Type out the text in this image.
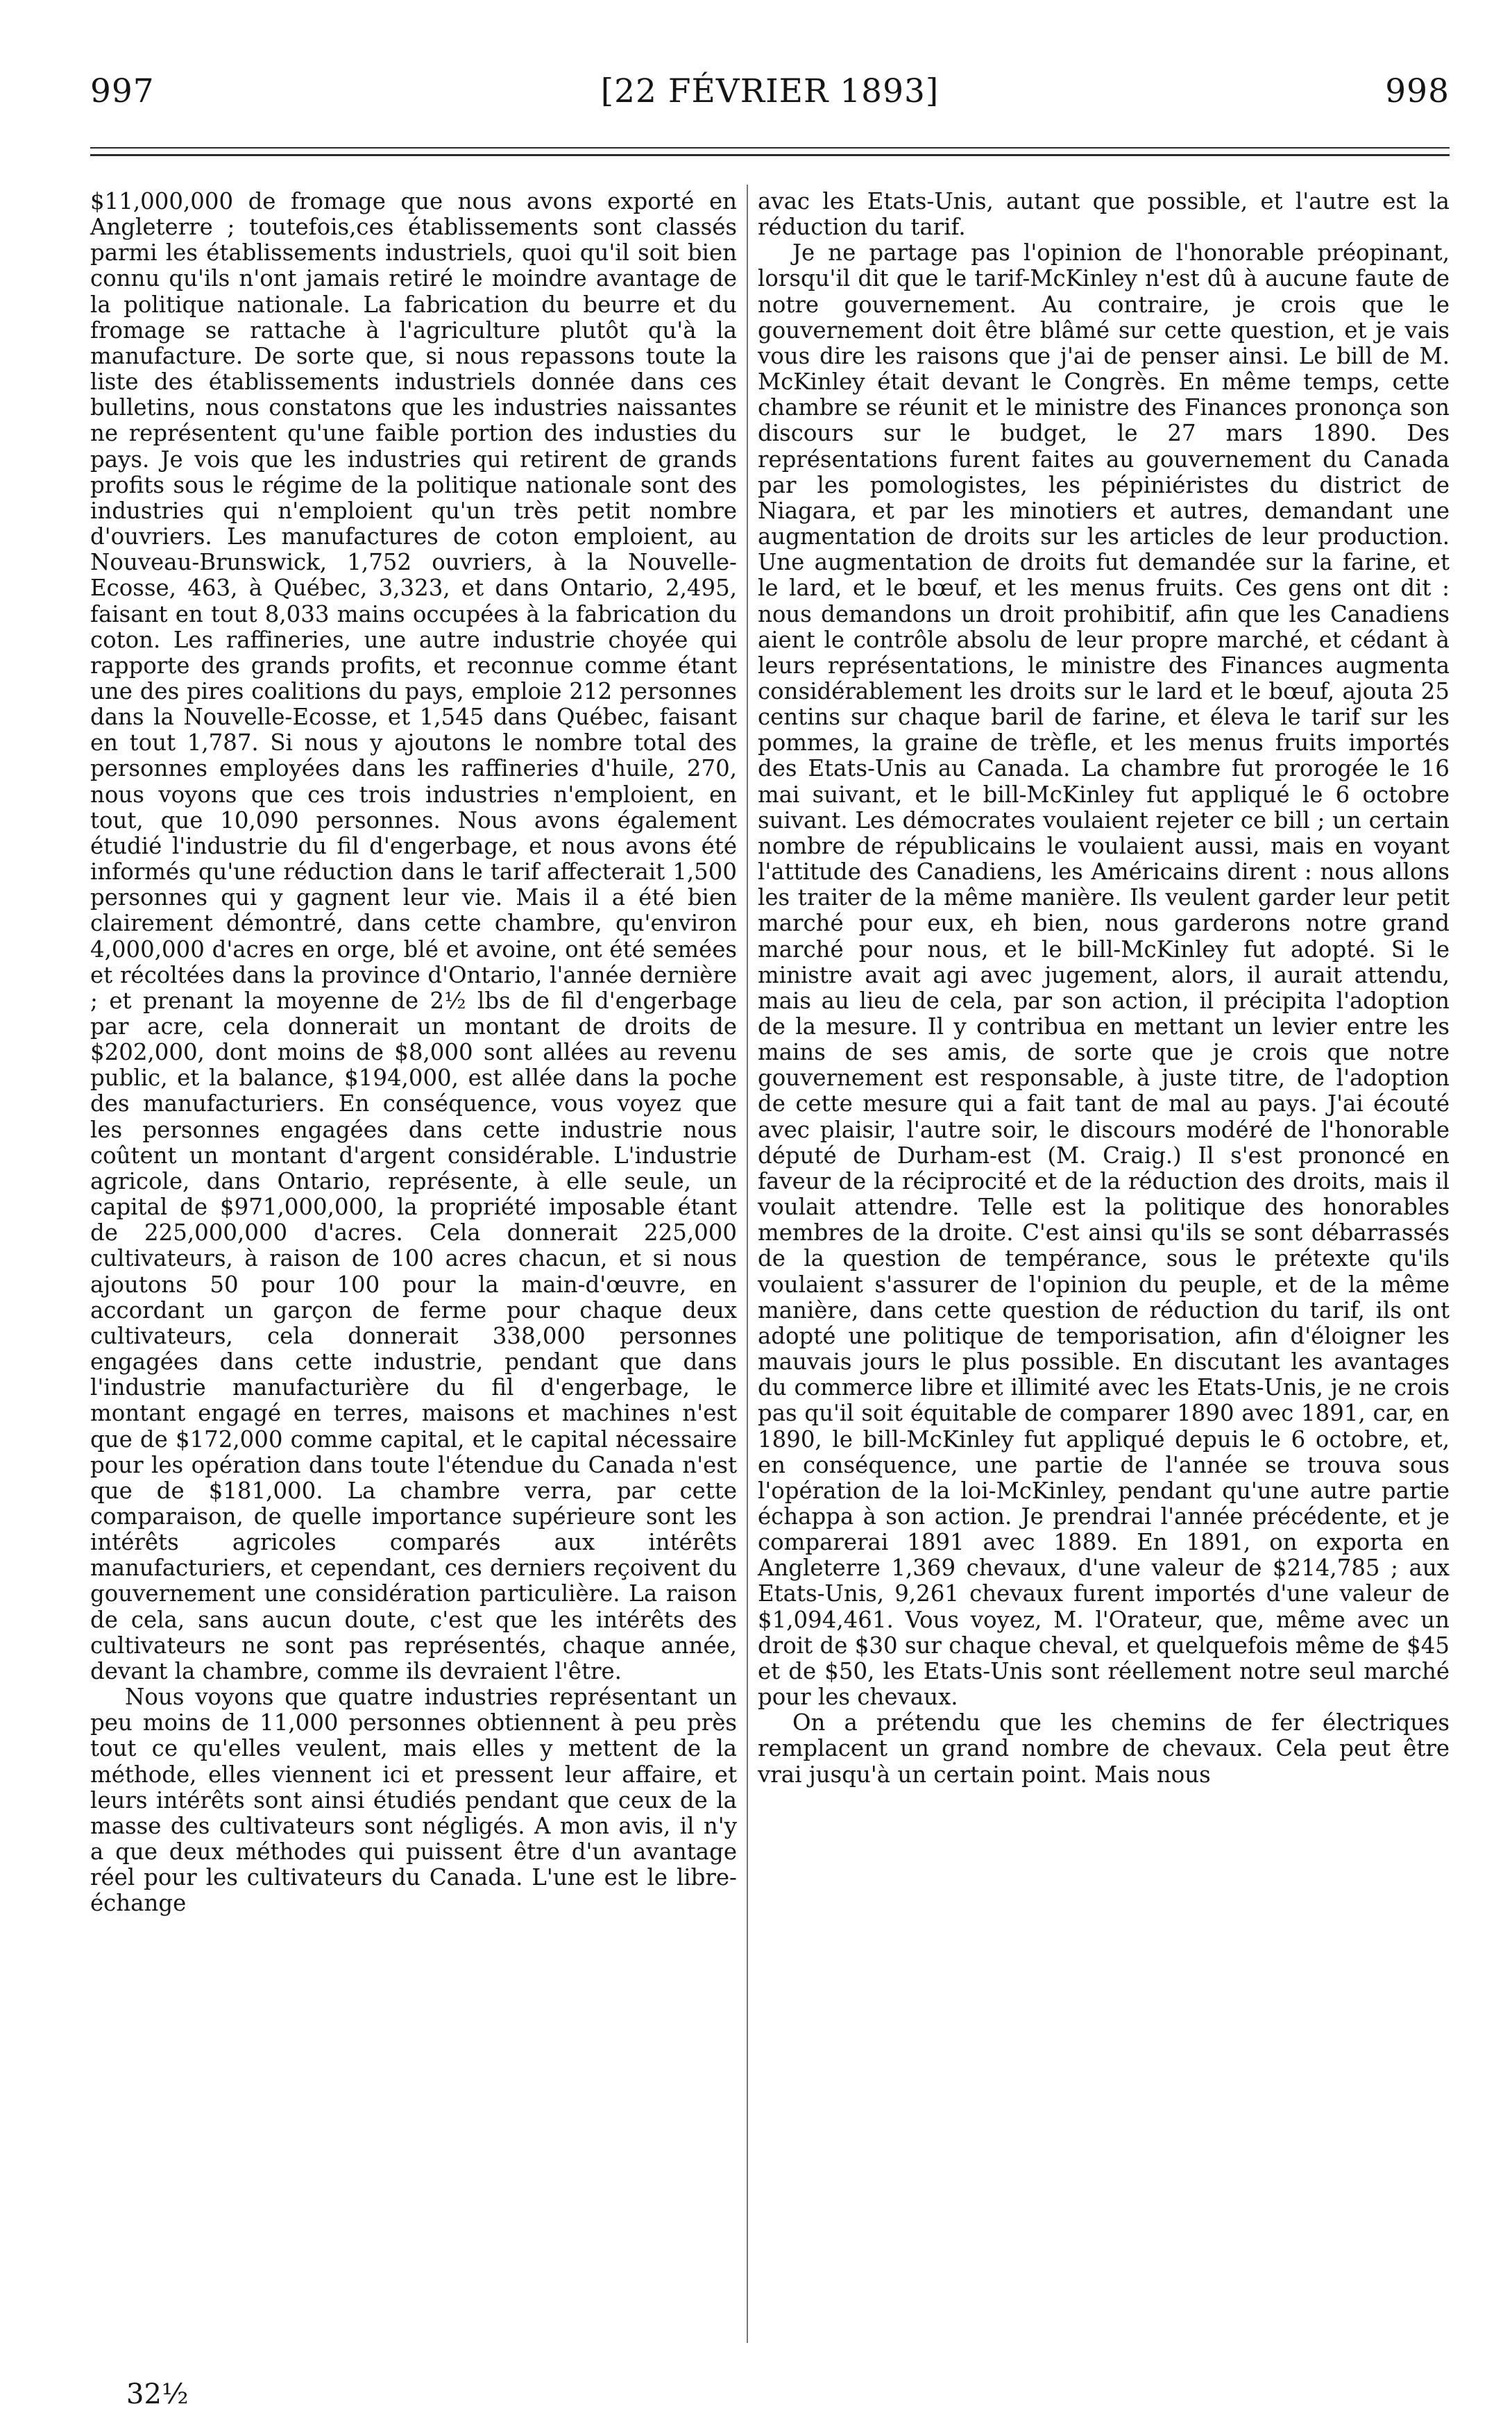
997	[22 FÉVRIER 1893]	998

$11,000,000 de fromage que nous avons exporté en Angleterre ; toutefois,ces établissements sont classés parmi les établissements industriels, quoi qu'il soit bien connu qu'ils n'ont jamais retiré le moindre avantage de la politique nationale. La fabrication du beurre et du fromage se rattache à l'agriculture plutôt qu'à la manufacture. De sorte que, si nous repassons toute la liste des établissements industriels donnée dans ces bulletins, nous constatons que les industries naissantes ne représentent qu'une faible portion des industies du pays. Je vois que les industries qui retirent de grands profits sous le régime de la politique nationale sont des industries qui n'emploient qu'un très petit nombre d'ouvriers. Les manufactures de coton emploient, au Nouveau-Brunswick, 1,752 ouvriers, à la Nouvelle-Ecosse, 463, à Québec, 3,323, et dans Ontario, 2,495, faisant en tout 8,033 mains occupées à la fabrication du coton. Les raffineries, une autre industrie choyée qui rapporte des grands profits, et reconnue comme étant une des pires coalitions du pays, emploie 212 personnes dans la Nouvelle-Ecosse, et 1,545 dans Québec, faisant en tout 1,787. Si nous y ajoutons le nombre total des personnes employées dans les raffineries d'huile, 270, nous voyons que ces trois industries n'emploient, en tout, que 10,090 personnes. Nous avons également étudié l'industrie du fil d'engerbage, et nous avons été informés qu'une réduction dans le tarif affecterait 1,500 personnes qui y gagnent leur vie. Mais il a été bien clairement démontré, dans cette chambre, qu'environ 4,000,000 d'acres en orge, blé et avoine, ont été semées et récoltées dans la province d'Ontario, l'année dernière ; et prenant la moyenne de 2½ lbs de fil d'engerbage par acre, cela donnerait un montant de droits de $202,000, dont moins de $8,000 sont allées au revenu public, et la balance, $194,000, est allée dans la poche des manufacturiers. En conséquence, vous voyez que les personnes engagées dans cette industrie nous coûtent un montant d'argent considérable. L'industrie agricole, dans Ontario, représente, à elle seule, un capital de $971,000,000, la propriété imposable étant de 225,000,000 d'acres. Cela donnerait 225,000 cultivateurs, à raison de 100 acres chacun, et si nous ajoutons 50 pour 100 pour la main-d'œuvre, en accordant un garçon de ferme pour chaque deux cultivateurs, cela donnerait 338,000 personnes engagées dans cette industrie, pendant que dans l'industrie manufacturière du fil d'engerbage, le montant engagé en terres, maisons et machines n'est que de $172,000 comme capital, et le capital nécessaire pour les opération dans toute l'étendue du Canada n'est que de $181,000. La chambre verra, par cette comparaison, de quelle importance supérieure sont les intérêts agricoles comparés aux intérêts manufacturiers, et cependant, ces derniers reçoivent du gouvernement une considération particulière. La raison de cela, sans aucun doute, c'est que les intérêts des cultivateurs ne sont pas représentés, chaque année, devant la chambre, comme ils devraient l'être.

Nous voyons que quatre industries représentant un peu moins de 11,000 personnes obtiennent à peu près tout ce qu'elles veulent, mais elles y mettent de la méthode, elles viennent ici et pressent leur affaire, et leurs intérêts sont ainsi étudiés pendant que ceux de la masse des cultivateurs sont négligés. A mon avis, il n'y a que deux méthodes qui puissent être d'un avantage réel pour les cultivateurs du Canada. L'une est le libre-échange

avac les Etats-Unis, autant que possible, et l'autre est la réduction du tarif.

Je ne partage pas l'opinion de l'honorable préopinant, lorsqu'il dit que le tarif-McKinley n'est dû à aucune faute de notre gouvernement. Au contraire, je crois que le gouvernement doit être blâmé sur cette question, et je vais vous dire les raisons que j'ai de penser ainsi. Le bill de M. McKinley était devant le Congrès. En même temps, cette chambre se réunit et le ministre des Finances prononça son discours sur le budget, le 27 mars 1890. Des représentations furent faites au gouvernement du Canada par les pomologistes, les pépiniéristes du district de Niagara, et par les minotiers et autres, demandant une augmentation de droits sur les articles de leur production. Une augmentation de droits fut demandée sur la farine, et le lard, et le bœuf, et les menus fruits. Ces gens ont dit : nous demandons un droit prohibitif, afin que les Canadiens aient le contrôle absolu de leur propre marché, et cédant à leurs représentations, le ministre des Finances augmenta considérablement les droits sur le lard et le bœuf, ajouta 25 centins sur chaque baril de farine, et éleva le tarif sur les pommes, la graine de trèfle, et les menus fruits importés des Etats-Unis au Canada. La chambre fut prorogée le 16 mai suivant, et le bill-McKinley fut appliqué le 6 octobre suivant. Les démocrates voulaient rejeter ce bill ; un certain nombre de républicains le voulaient aussi, mais en voyant l'attitude des Canadiens, les Américains dirent : nous allons les traiter de la même manière. Ils veulent garder leur petit marché pour eux, eh bien, nous garderons notre grand marché pour nous, et le bill-McKinley fut adopté. Si le ministre avait agi avec jugement, alors, il aurait attendu, mais au lieu de cela, par son action, il précipita l'adoption de la mesure. Il y contribua en mettant un levier entre les mains de ses amis, de sorte que je crois que notre gouvernement est responsable, à juste titre, de l'adoption de cette mesure qui a fait tant de mal au pays. J'ai écouté avec plaisir, l'autre soir, le discours modéré de l'honorable député de Durham-est (M. Craig.) Il s'est prononcé en faveur de la réciprocité et de la réduction des droits, mais il voulait attendre. Telle est la politique des honorables membres de la droite. C'est ainsi qu'ils se sont débarrassés de la question de tempérance, sous le prétexte qu'ils voulaient s'assurer de l'opinion du peuple, et de la même manière, dans cette question de réduction du tarif, ils ont adopté une politique de temporisation, afin d'éloigner les mauvais jours le plus possible. En discutant les avantages du commerce libre et illimité avec les Etats-Unis, je ne crois pas qu'il soit équitable de comparer 1890 avec 1891, car, en 1890, le bill-McKinley fut appliqué depuis le 6 octobre, et, en conséquence, une partie de l'année se trouva sous l'opération de la loi-McKinley, pendant qu'une autre partie échappa à son action. Je prendrai l'année précédente, et je comparerai 1891 avec 1889. En 1891, on exporta en Angleterre 1,369 chevaux, d'une valeur de $214,785 ; aux Etats-Unis, 9,261 chevaux furent importés d'une valeur de $1,094,461. Vous voyez, M. l'Orateur, que, même avec un droit de $30 sur chaque cheval, et quelquefois même de $45 et de $50, les Etats-Unis sont réellement notre seul marché pour les chevaux.

On a prétendu que les chemins de fer électriques remplacent un grand nombre de chevaux. Cela peut être vrai jusqu'à un certain point. Mais nous

32½
